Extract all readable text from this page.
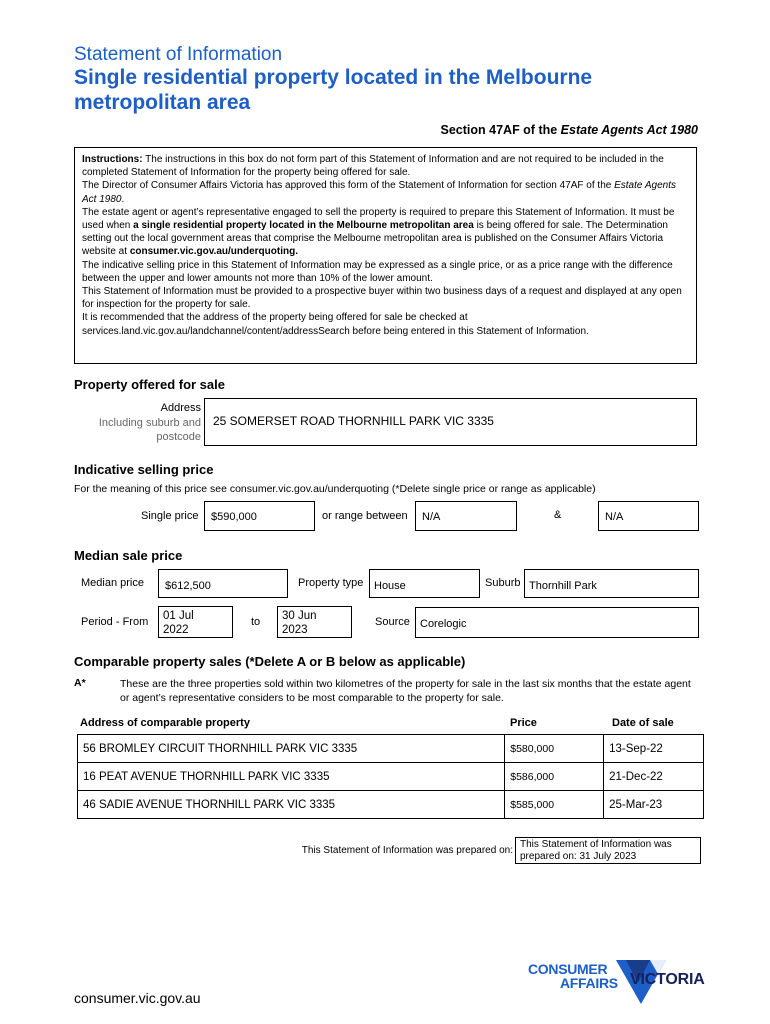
Statement of Information
Single residential property located in the Melbourne
metropolitan area
Section 47AF of the Estate Agents Act 1980

Instructions: The instructions in this box do not form part of this Statement of Information and are not required to be included in the completed Statement of Information for the property being offered for sale.

The Director of Consumer Affairs Victoria has approved this form of the Statement of Information for section 47AF of the Estate Agents Act 1980.

The estate agent or agent’s representative engaged to sell the property is required to prepare this Statement of Information. It must be used when a single residential property located in the Melbourne metropolitan area is being offered for sale. The Determination setting out the local government areas that comprise the Melbourne metropolitan area is published on the Consumer Affairs Victoria website at consumer.vic.gov.au/underquoting.

The indicative selling price in this Statement of Information may be expressed as a single price, or as a price range with the difference between the upper and lower amounts not more than 10% of the lower amount.

This Statement of Information must be provided to a prospective buyer within two business days of a request and displayed at any open for inspection for the property for sale.

It is recommended that the address of the property being offered for sale be checked at services.land.vic.gov.au/landchannel/content/addressSearch before being entered in this Statement of Information.

Property offered for sale
Address
Including suburb and
postcode
25 SOMERSET ROAD THORNHILL PARK VIC 3335
Indicative selling price
For the meaning of this price see consumer.vic.gov.au/underquoting (*Delete single price or range as applicable)
Single price	$590,000	or range between	N/A	&	N/A
Median sale price
Median price	$612,500	Property type House	Suburb Thornhill Park
Period - From 01 Jul
2022
to 30 Jun
2023
Source Corelogic
Comparable property sales (*Delete A or B below as applicable)
A*	These are the three properties sold within two kilometres of the property for sale in the last six months that the estate agent or agent’s representative considers to be most comparable to the property for sale.
Address of comparable property	Price	Date of sale
56 BROMLEY CIRCUIT THORNHILL PARK VIC 3335	$580,000	13-Sep-22
16 PEAT AVENUE THORNHILL PARK VIC 3335	$586,000	21-Dec-22
46 SADIE AVENUE THORNHILL PARK VIC 3335	$585,000	25-Mar-23
This Statement of Information was prepared on:
This Statement of Information was
prepared on: 31 July 2023
CONSUMER
AFFAIRS VICTORIA
consumer.vic.gov.au
